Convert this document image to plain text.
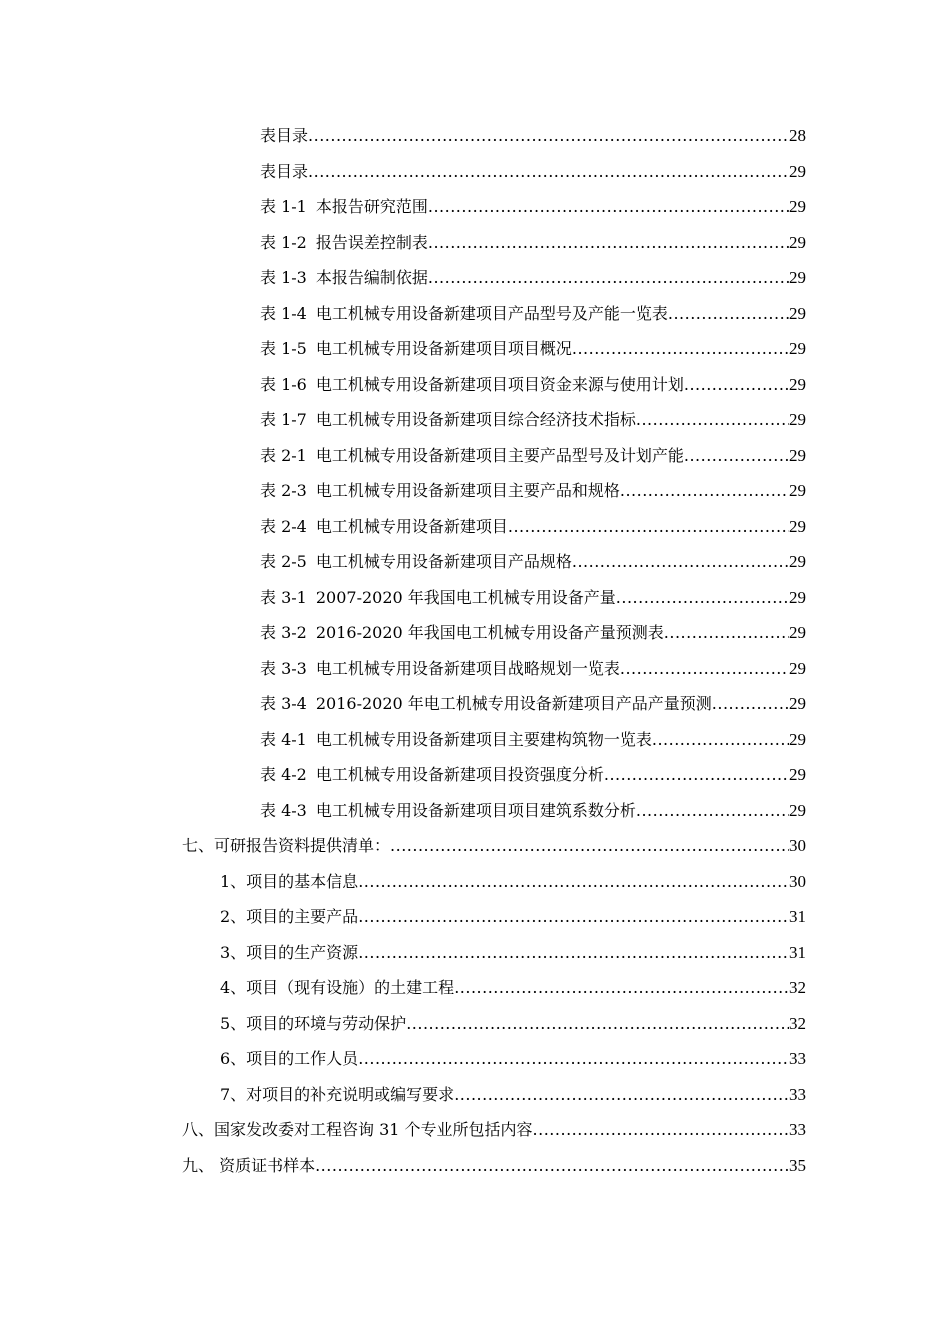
表目录 .....	28
表目录 .....	29
表 1-1 本报告研究范围 .....	29
表 1-2 报告误差控制表 .....	29
表 1-3 本报告编制依据 .....	29
表 1-4 电工机械专用设备新建项目产品型号及产能一览表 .....	29
表 1-5 电工机械专用设备新建项目项目概况 .....	29
表 1-6 电工机械专用设备新建项目项目资金来源与使用计划 .....	29
表 1-7 电工机械专用设备新建项目综合经济技术指标 .....	29
表 2-1 电工机械专用设备新建项目主要产品型号及计划产能 .....	29
表 2-3 电工机械专用设备新建项目主要产品和规格 .....	29
表 2-4 电工机械专用设备新建项目 .....	29
表 2-5 电工机械专用设备新建项目产品规格 .....	29
表 3-1 2007-2020 年我国电工机械专用设备产量 .....	29
表 3-2 2016-2020 年我国电工机械专用设备产量预测表 .....	29
表 3-3 电工机械专用设备新建项目战略规划一览表 .....	29
表 3-4 2016-2020 年电工机械专用设备新建项目产品产量预测 .....	29
表 4-1 电工机械专用设备新建项目主要建构筑物一览表 .....	29
表 4-2 电工机械专用设备新建项目投资强度分析 .....	29
表 4-3 电工机械专用设备新建项目项目建筑系数分析 .....	29
七、可研报告资料提供清单： .....	30
1、项目的基本信息 .....	30
2、项目的主要产品 .....	31
3、项目的生产资源 .....	31
4、项目（现有设施）的土建工程 .....	32
5、项目的环境与劳动保护 .....	32
6、项目的工作人员 .....	33
7、对项目的补充说明或编写要求 .....	33
八、国家发改委对工程咨询 31 个专业所包括内容 .....	33
九、 资质证书样本 .....	35
